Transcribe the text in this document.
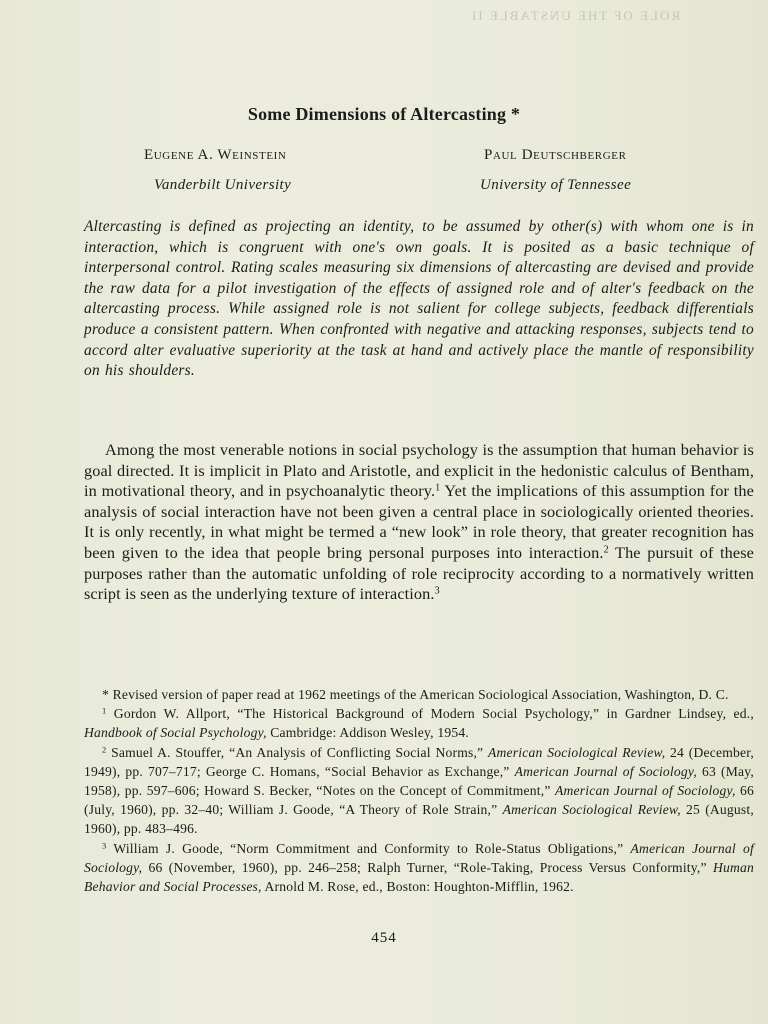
ROLE OF THE UNSTABLE II
Some Dimensions of Altercasting *
Eugene A. Weinstein	Paul Deutschberger
Vanderbilt University	University of Tennessee
Altercasting is defined as projecting an identity, to be assumed by other(s) with whom one is in interaction, which is congruent with one's own goals. It is posited as a basic technique of interpersonal control. Rating scales measuring six dimensions of altercasting are devised and provide the raw data for a pilot investigation of the effects of assigned role and of alter's feedback on the altercasting process. While assigned role is not salient for college subjects, feedback differentials produce a consistent pattern. When confronted with negative and attacking responses, subjects tend to accord alter evaluative superiority at the task at hand and actively place the mantle of responsibility on his shoulders.
Among the most venerable notions in social psychology is the assumption that human behavior is goal directed. It is implicit in Plato and Aristotle, and explicit in the hedonistic calculus of Bentham, in motivational theory, and in psychoanalytic theory.$^1$ Yet the implications of this assumption for the analysis of social interaction have not been given a central place in sociologically oriented theories. It is only recently, in what might be termed a “new look” in role theory, that greater recognition has been given to the idea that people bring personal purposes into interaction.$^2$ The pursuit of these purposes rather than the automatic unfolding of role reciprocity according to a normatively written script is seen as the underlying texture of interaction.$^3$
* Revised version of paper read at 1962 meetings of the American Sociological Association, Washington, D. C.
$^1$ Gordon W. Allport, “The Historical Background of Modern Social Psychology,” in Gardner Lindsey, ed., Handbook of Social Psychology, Cambridge: Addison Wesley, 1954.
$^2$ Samuel A. Stouffer, “An Analysis of Conflicting Social Norms,” American Sociological Review, 24 (December, 1949), pp. 707–717; George C. Homans, “Social Behavior as Exchange,” American Journal of Sociology, 63 (May, 1958), pp. 597–606; Howard S. Becker, “Notes on the Concept of Commitment,” American Journal of Sociology, 66 (July, 1960), pp. 32–40; William J. Goode, “A Theory of Role Strain,” American Sociological Review, 25 (August, 1960), pp. 483–496.
$^3$ William J. Goode, “Norm Commitment and Conformity to Role-Status Obligations,” American Journal of Sociology, 66 (November, 1960), pp. 246–258; Ralph Turner, “Role-Taking, Process Versus Conformity,” Human Behavior and Social Processes, Arnold M. Rose, ed., Boston: Houghton-Mifflin, 1962.
454
